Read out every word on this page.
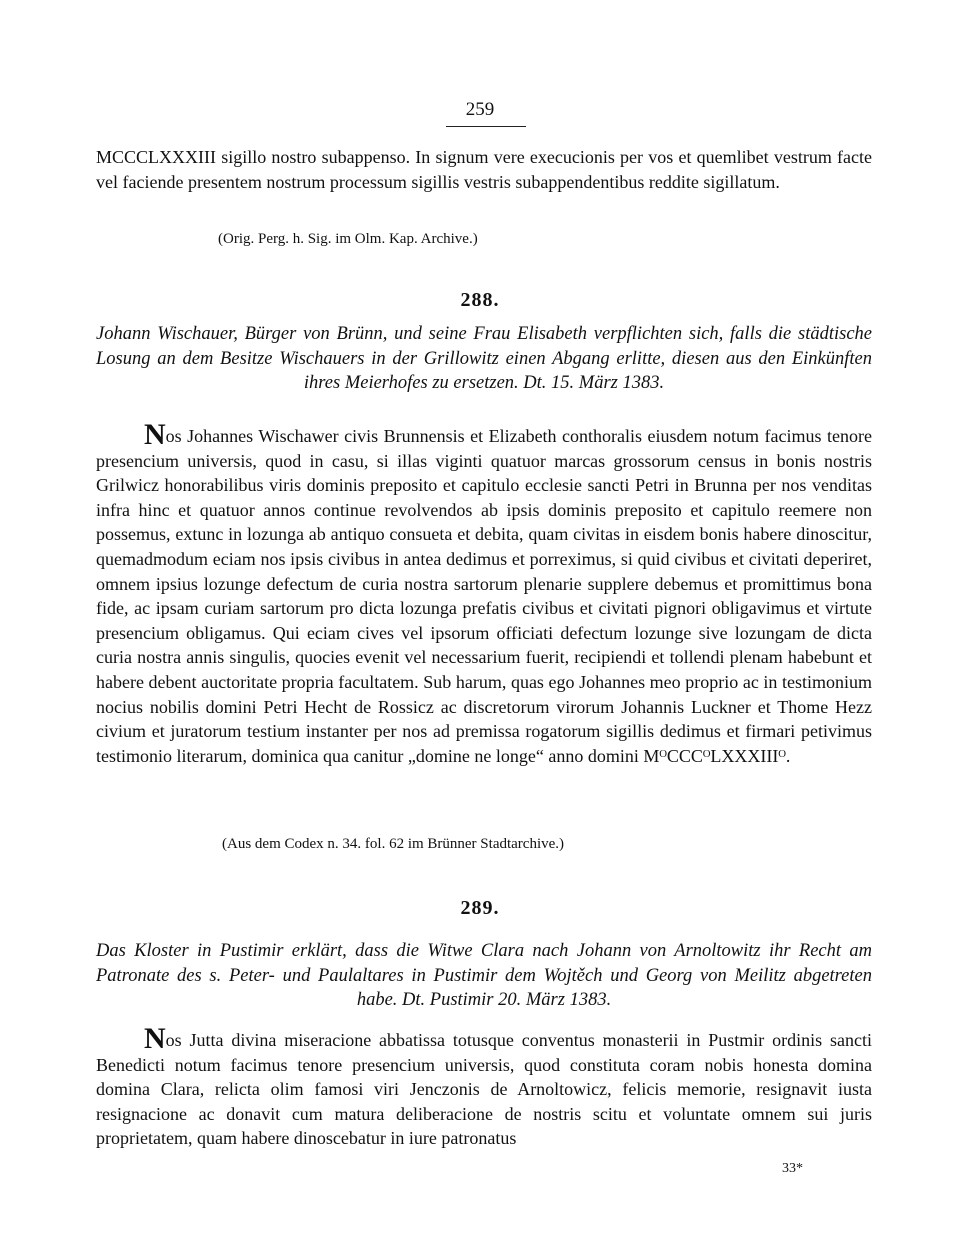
259

MCCCLXXXIII sigillo nostro subappenso. In signum vere execucionis per vos et quemlibet vestrum facte vel faciende presentem nostrum processum sigillis vestris subappendentibus reddite sigillatum.

(Orig. Perg. h. Sig. im Olm. Kap. Archive.)
288.
Johann Wischauer, Bürger von Brünn, und seine Frau Elisabeth verpflichten sich, falls die städtische Losung an dem Besitze Wischauers in der Grillowitz einen Abgang erlitte, diesen aus den Einkünften ihres Meierhofes zu ersetzen. Dt. 15. März 1383.

Nos Johannes Wischawer civis Brunnensis et Elizabeth conthoralis eiusdem notum facimus tenore presencium universis, quod in casu, si illas viginti quatuor marcas grossorum census in bonis nostris Grilwicz honorabilibus viris dominis preposito et capitulo ecclesie sancti Petri in Brunna per nos venditas infra hinc et quatuor annos continue revolvendos ab ipsis dominis preposito et capitulo reemere non possemus, extunc in lozunga ab antiquo consueta et debita, quam civitas in eisdem bonis habere dinoscitur, quemadmodum eciam nos ipsis civibus in antea dedimus et porreximus, si quid civibus et civitati deperiret, omnem ipsius lozunge defectum de curia nostra sartorum plenarie supplere debemus et promittimus bona fide, ac ipsam curiam sartorum pro dicta lozunga prefatis civibus et civitati pignori obligavimus et virtute presencium obligamus. Qui eciam cives vel ipsorum officiati defectum lozunge sive lozungam de dicta curia nostra annis singulis, quocies evenit vel necessarium fuerit, recipiendi et tollendi plenam habebunt et habere debent auctoritate propria facultatem. Sub harum, quas ego Johannes meo proprio ac in testimonium nocius nobilis domini Petri Hecht de Rossicz ac discretorum virorum Johannis Luckner et Thome Hezz civium et juratorum testium instanter per nos ad premissa rogatorum sigillis dedimus et firmari petivimus testimonio literarum, dominica qua canitur „domine ne longe“ anno domini MᴼCCCᴼLXXXIIIᴼ.

(Aus dem Codex n. 34. fol. 62 im Brünner Stadtarchive.)
289.
Das Kloster in Pustimir erklärt, dass die Witwe Clara nach Johann von Arnoltowitz ihr Recht am Patronate des s. Peter- und Paulaltares in Pustimir dem Wojtěch und Georg von Meilitz abgetreten habe. Dt. Pustimir 20. März 1383.

Nos Jutta divina miseracione abbatissa totusque conventus monasterii in Pustmir ordinis sancti Benedicti notum facimus tenore presencium universis, quod constituta coram nobis honesta domina domina Clara, relicta olim famosi viri Jenczonis de Arnoltowicz, felicis memorie, resignavit iusta resignacione ac donavit cum matura deliberacione de nostris scitu et voluntate omnem sui juris proprietatem, quam habere dinoscebatur in iure patronatus

33*
